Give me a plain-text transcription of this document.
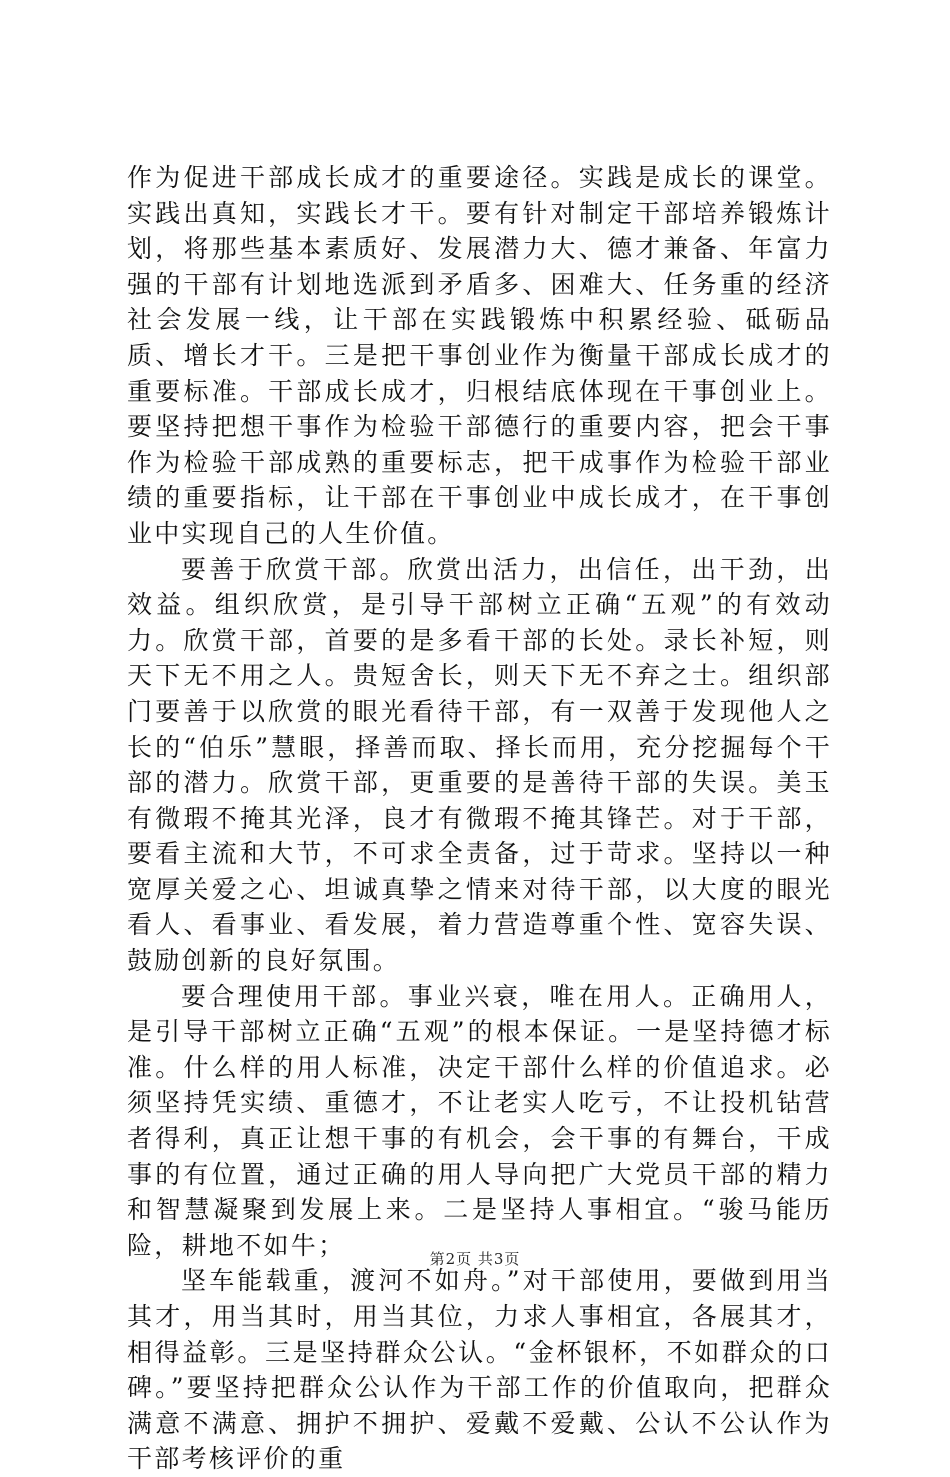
作为促进干部成长成才的重要途径。实践是成长的课堂。实践出真知，实践长才干。要有针对制定干部培养锻炼计划，将那些基本素质好、发展潜力大、德才兼备、年富力强的干部有计划地选派到矛盾多、困难大、任务重的经济社会发展一线，让干部在实践锻炼中积累经验、砥砺品质、增长才干。三是把干事创业作为衡量干部成长成才的重要标准。干部成长成才，归根结底体现在干事创业上。要坚持把想干事作为检验干部德行的重要内容，把会干事作为检验干部成熟的重要标志，把干成事作为检验干部业绩的重要指标，让干部在干事创业中成长成才，在干事创业中实现自己的人生价值。

要善于欣赏干部。欣赏出活力，出信任，出干劲，出效益。组织欣赏，是引导干部树立正确“五观”的有效动力。欣赏干部，首要的是多看干部的长处。录长补短，则天下无不用之人。贵短舍长，则天下无不弃之士。组织部门要善于以欣赏的眼光看待干部，有一双善于发现他人之长的“伯乐”慧眼，择善而取、择长而用，充分挖掘每个干部的潜力。欣赏干部，更重要的是善待干部的失误。美玉有微瑕不掩其光泽，良才有微瑕不掩其锋芒。对于干部，要看主流和大节，不可求全责备，过于苛求。坚持以一种宽厚关爱之心、坦诚真挚之情来对待干部，以大度的眼光看人、看事业、看发展，着力营造尊重个性、宽容失误、鼓励创新的良好氛围。

要合理使用干部。事业兴衰，唯在用人。正确用人，是引导干部树立正确“五观”的根本保证。一是坚持德才标准。什么样的用人标准，决定干部什么样的价值追求。必须坚持凭实绩、重德才，不让老实人吃亏，不让投机钻营者得利，真正让想干事的有机会，会干事的有舞台，干成事的有位置，通过正确的用人导向把广大党员干部的精力和智慧凝聚到发展上来。二是坚持人事相宜。“骏马能历险，耕地不如牛；

坚车能载重，渡河不如舟。”对干部使用，要做到用当其才，用当其时，用当其位，力求人事相宜，各展其才，相得益彰。三是坚持群众公认。“金杯银杯，不如群众的口碑。”要坚持把群众公认作为干部工作的价值取向，把群众满意不满意、拥护不拥护、爱戴不爱戴、公认不公认作为干部考核评价的重

第2页 共3页
